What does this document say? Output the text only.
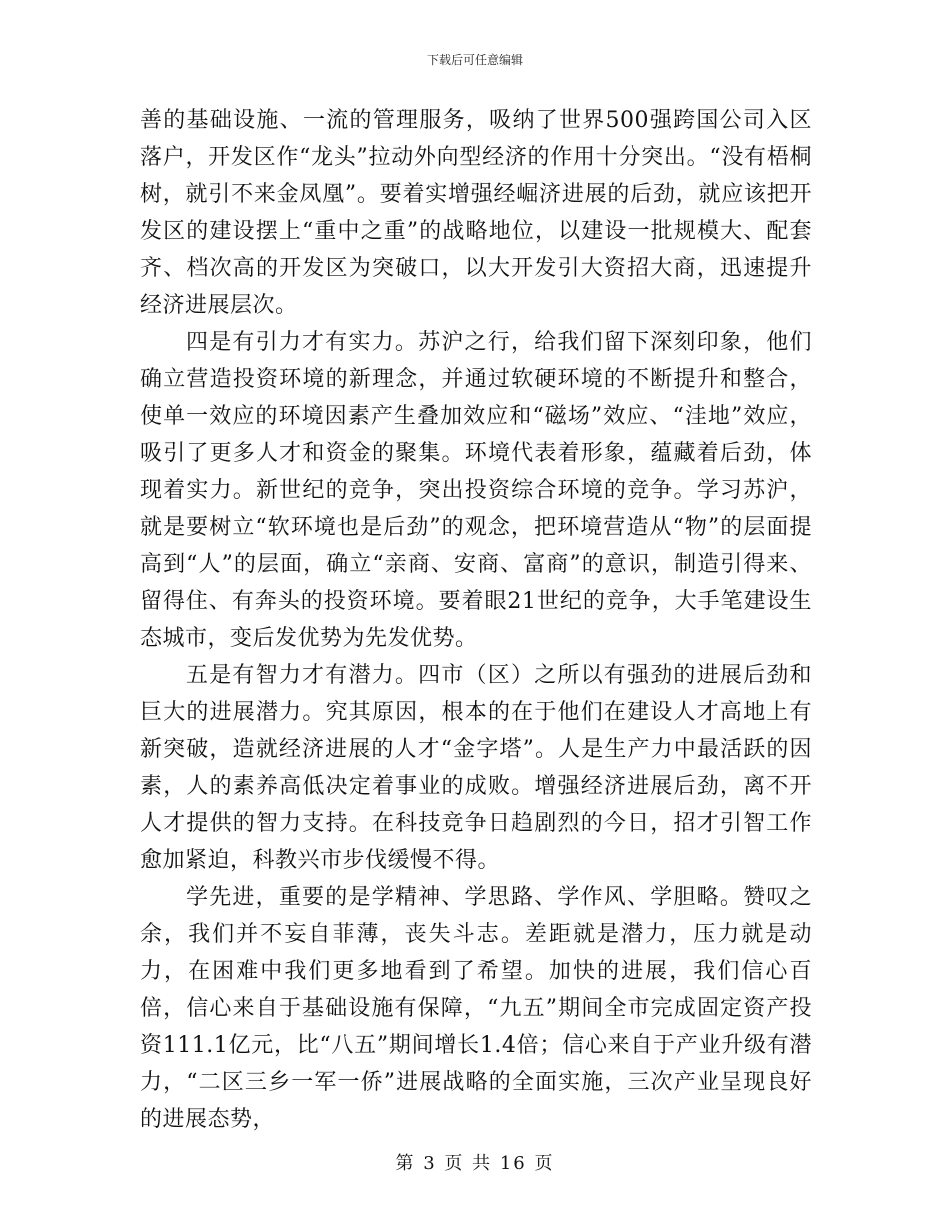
下载后可任意编辑

善的基础设施、一流的管理服务，吸纳了世界500强跨国公司入区落户，开发区作“龙头”拉动外向型经济的作用十分突出。“没有梧桐树，就引不来金凤凰”。要着实增强经崛济进展的后劲，就应该把开发区的建设摆上“重中之重”的战略地位，以建设一批规模大、配套齐、档次高的开发区为突破口，以大开发引大资招大商，迅速提升经济进展层次。

四是有引力才有实力。苏沪之行，给我们留下深刻印象，他们确立营造投资环境的新理念，并通过软硬环境的不断提升和整合，使单一效应的环境因素产生叠加效应和“磁场”效应、“洼地”效应，吸引了更多人才和资金的聚集。环境代表着形象，蕴藏着后劲，体现着实力。新世纪的竞争，突出投资综合环境的竞争。学习苏沪，就是要树立“软环境也是后劲”的观念，把环境营造从“物”的层面提高到“人”的层面，确立“亲商、安商、富商”的意识，制造引得来、留得住、有奔头的投资环境。要着眼21世纪的竞争，大手笔建设生态城市，变后发优势为先发优势。

五是有智力才有潜力。四市（区）之所以有强劲的进展后劲和巨大的进展潜力。究其原因，根本的在于他们在建设人才高地上有新突破，造就经济进展的人才“金字塔”。人是生产力中最活跃的因素，人的素养高低决定着事业的成败。增强经济进展后劲，离不开人才提供的智力支持。在科技竞争日趋剧烈的今日，招才引智工作愈加紧迫，科教兴市步伐缓慢不得。

学先进，重要的是学精神、学思路、学作风、学胆略。赞叹之余，我们并不妄自菲薄，丧失斗志。差距就是潜力，压力就是动力，在困难中我们更多地看到了希望。加快的进展，我们信心百倍，信心来自于基础设施有保障，“九五”期间全市完成固定资产投资111.1亿元，比“八五”期间增长1.4倍；信心来自于产业升级有潜力，“二区三乡一军一侨”进展战略的全面实施，三次产业呈现良好的进展态势，

第 3 页 共 16 页
